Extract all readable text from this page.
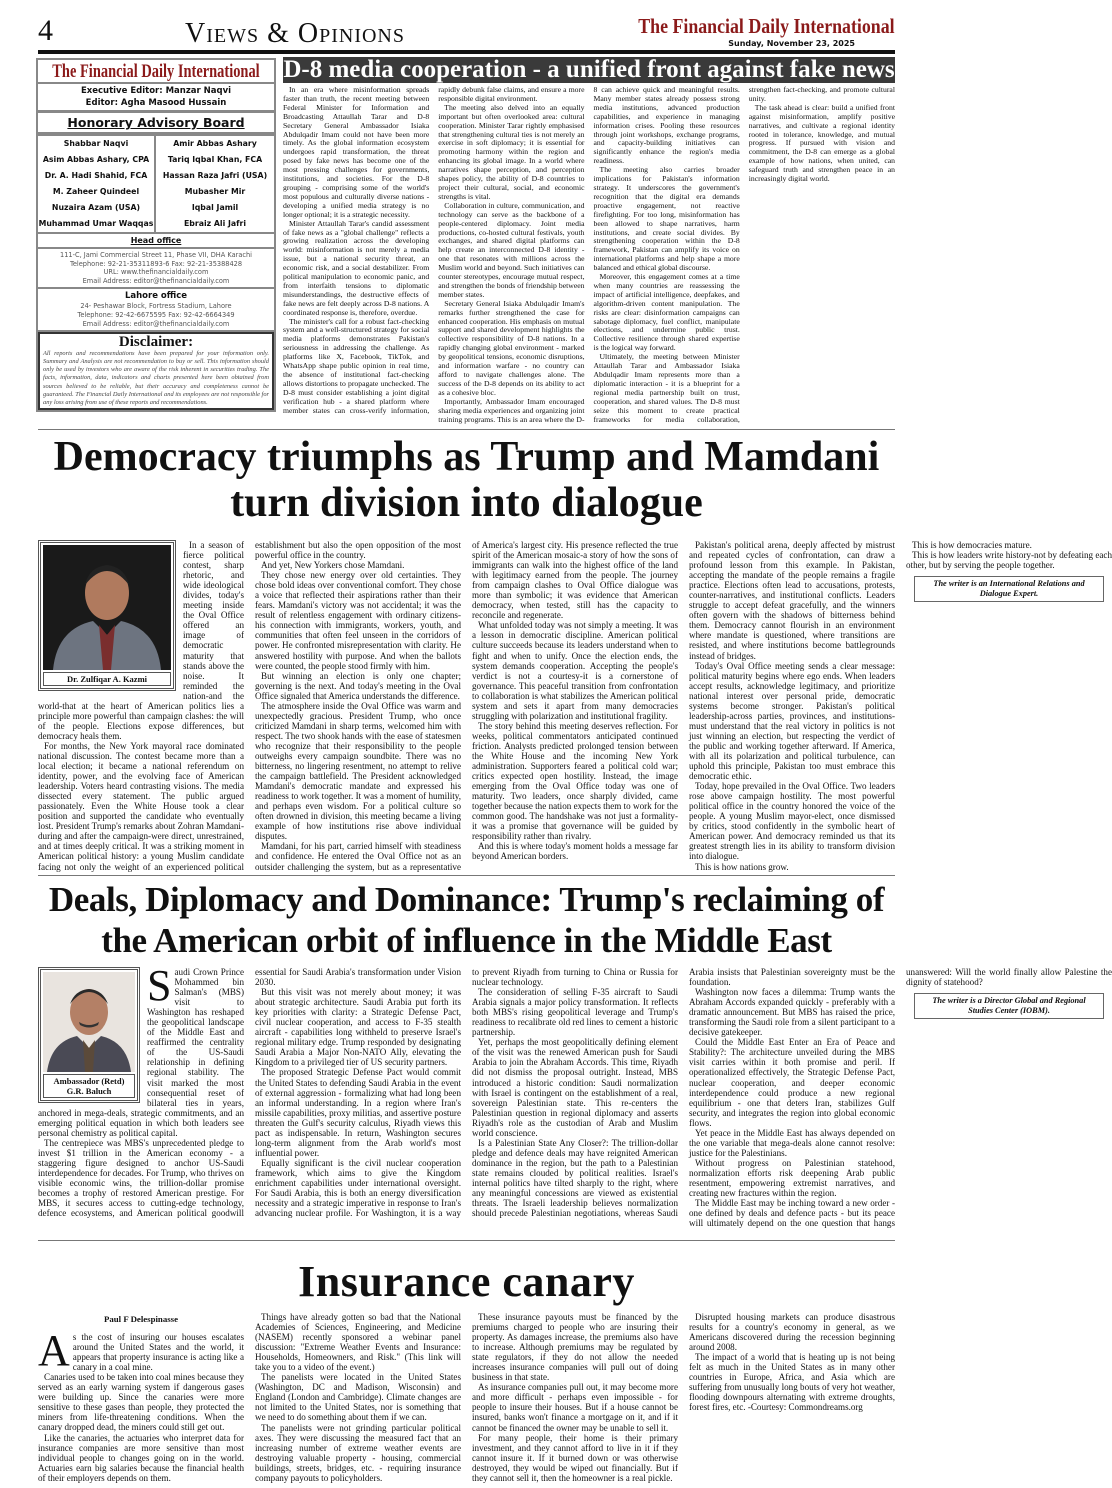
4	Views & Opinions	The Financial Daily International
Sunday, November 23, 2025
The Financial Daily International
Executive Editor: Manzar Naqvi
Editor: Agha Masood Hussain
Honorary Advisory Board
Shabbar Naqvi
Asim Abbas Ashary, CPA
Dr. A. Hadi Shahid, FCA
M. Zaheer Quindeel
Nuzaira Azam (USA)
Muhammad Umar Waqqas
Amir Abbas Ashary
Tariq Iqbal Khan, FCA
Hassan Raza Jafri (USA)
Mubasher Mir
Iqbal Jamil
Ebraiz Ali Jafri
Head office
111-C, Jami Commercial Street 11, Phase VII, DHA Karachi
Telephone: 92-21-35311893-6 Fax: 92-21-35388428
URL: www.thefinancialdaily.com
Email Address: editor@thefinancialdaily.com
Lahore office
24- Peshawar Block, Fortress Stadium, Lahore
Telephone: 92-42-6675595 Fax: 92-42-6664349
Email Address: editor@thefinancialdaily.com
Disclaimer:

All reports and recommendations have been prepared for your information only. Summary and Analysis are not recommendation to buy or sell. This information should only be used by investors who are aware of the risk inherent in securities trading. The facts, information, data, indicators and charts presented here been obtained from sources believed to be reliable, but their accuracy and completeness cannot be guaranteed. The Financial Daily International and its employees are not responsible for any loss arising from use of these reports and recommendations.

D-8 media cooperation - a unified front against fake news

In an era where misinformation spreads faster than truth, the recent meeting between Federal Minister for Information and Broadcasting Attaullah Tarar and D-8 Secretary General Ambassador Isiaka Abdulqadir Imam could not have been more timely. As the global information ecosystem undergoes rapid transformation, the threat posed by fake news has become one of the most pressing challenges for governments, institutions, and societies. For the D-8 grouping - comprising some of the world's most populous and culturally diverse nations - developing a unified media strategy is no longer optional; it is a strategic necessity.

Minister Attaullah Tarar's candid assessment of fake news as a "global challenge" reflects a growing realization across the developing world: misinformation is not merely a media issue, but a national security threat, an economic risk, and a social destabilizer. From political manipulation to economic panic, and from interfaith tensions to diplomatic misunderstandings, the destructive effects of fake news are felt deeply across D-8 nations. A coordinated response is, therefore, overdue.

The minister's call for a robust fact-checking system and a well-structured strategy for social media platforms demonstrates Pakistan's seriousness in addressing the challenge. As platforms like X, Facebook, TikTok, and WhatsApp shape public opinion in real time, the absence of institutional fact-checking allows distortions to propagate unchecked. The D-8 must consider establishing a joint digital verification hub - a shared platform where member states can cross-verify information, rapidly debunk false claims, and ensure a more responsible digital environment.

The meeting also delved into an equally important but often overlooked area: cultural cooperation. Minister Tarar rightly emphasised that strengthening cultural ties is not merely an exercise in soft diplomacy; it is essential for promoting harmony within the region and enhancing its global image. In a world where narratives shape perception, and perception shapes policy, the ability of D-8 countries to project their cultural, social, and economic strengths is vital.

Collaboration in culture, communication, and technology can serve as the backbone of a people-centered diplomacy. Joint media productions, co-hosted cultural festivals, youth exchanges, and shared digital platforms can help create an interconnected D-8 identity - one that resonates with millions across the Muslim world and beyond. Such initiatives can counter stereotypes, encourage mutual respect, and strengthen the bonds of friendship between member states.

Secretary General Isiaka Abdulqadir Imam's remarks further strengthened the case for enhanced cooperation. His emphasis on mutual support and shared development highlights the collective responsibility of D-8 nations. In a rapidly changing global environment - marked by geopolitical tensions, economic disruptions, and information warfare - no country can afford to navigate challenges alone. The success of the D-8 depends on its ability to act as a cohesive bloc.

Importantly, Ambassador Imam encouraged sharing media experiences and organizing joint training programs. This is an area where the D-8 can achieve quick and meaningful results. Many member states already possess strong media institutions, advanced production capabilities, and experience in managing information crises. Pooling these resources through joint workshops, exchange programs, and capacity-building initiatives can significantly enhance the region's media readiness.

The meeting also carries broader implications for Pakistan's information strategy. It underscores the government's recognition that the digital era demands proactive engagement, not reactive firefighting. For too long, misinformation has been allowed to shape narratives, harm institutions, and create social divides. By strengthening cooperation within the D-8 framework, Pakistan can amplify its voice on international platforms and help shape a more balanced and ethical global discourse.

Moreover, this engagement comes at a time when many countries are reassessing the impact of artificial intelligence, deepfakes, and algorithm-driven content manipulation. The risks are clear: disinformation campaigns can sabotage diplomacy, fuel conflict, manipulate elections, and undermine public trust. Collective resilience through shared expertise is the logical way forward.

Ultimately, the meeting between Minister Attaullah Tarar and Ambassador Isiaka Abdulqadir Imam represents more than a diplomatic interaction - it is a blueprint for a regional media partnership built on trust, cooperation, and shared values. The D-8 must seize this moment to create practical frameworks for media collaboration, strengthen fact-checking, and promote cultural unity.

The task ahead is clear: build a unified front against misinformation, amplify positive narratives, and cultivate a regional identity rooted in tolerance, knowledge, and mutual progress. If pursued with vision and commitment, the D-8 can emerge as a global example of how nations, when united, can safeguard truth and strengthen peace in an increasingly digital world.

Democracy triumphs as Trump and Mamdani turn division into dialogue
Dr. Zulfiqar A. Kazmi

In a season of fierce political contest, sharp rhetoric, and wide ideological divides, today's meeting inside the Oval Office offered an image of democratic maturity that stands above the noise. It reminded the nation-and the world-that at the heart of American politics lies a principle more powerful than campaign clashes: the will of the people. Elections expose differences, but democracy heals them.

For months, the New York mayoral race dominated national discussion. The contest became more than a local election; it became a national referendum on identity, power, and the evolving face of American leadership. Voters heard contrasting visions. The media dissected every statement. The public argued passionately. Even the White House took a clear position and supported the candidate who eventually lost. President Trump's remarks about Zohran Mamdani-during and after the campaign-were direct, unrestrained, and at times deeply critical. It was a striking moment in American political history: a young Muslim candidate facing not only the weight of an experienced political establishment but also the open opposition of the most powerful office in the country.

And yet, New Yorkers chose Mamdani.

They chose new energy over old certainties. They chose bold ideas over conventional comfort. They chose a voice that reflected their aspirations rather than their fears. Mamdani's victory was not accidental; it was the result of relentless engagement with ordinary citizens-his connection with immigrants, workers, youth, and communities that often feel unseen in the corridors of power. He confronted misrepresentation with clarity. He answered hostility with purpose. And when the ballots were counted, the people stood firmly with him.

But winning an election is only one chapter; governing is the next. And today's meeting in the Oval Office signaled that America understands the difference.

The atmosphere inside the Oval Office was warm and unexpectedly gracious. President Trump, who once criticized Mamdani in sharp terms, welcomed him with respect. The two shook hands with the ease of statesmen who recognize that their responsibility to the people outweighs every campaign soundbite. There was no bitterness, no lingering resentment, no attempt to relive the campaign battlefield. The President acknowledged Mamdani's democratic mandate and expressed his readiness to work together. It was a moment of humility, and perhaps even wisdom. For a political culture so often drowned in division, this meeting became a living example of how institutions rise above individual disputes.

Mamdani, for his part, carried himself with steadiness and confidence. He entered the Oval Office not as an outsider challenging the system, but as a representative of America's largest city. His presence reflected the true spirit of the American mosaic-a story of how the sons of immigrants can walk into the highest office of the land with legitimacy earned from the people. The journey from campaign clashes to Oval Office dialogue was more than symbolic; it was evidence that American democracy, when tested, still has the capacity to reconcile and regenerate.

What unfolded today was not simply a meeting. It was a lesson in democratic discipline. American political culture succeeds because its leaders understand when to fight and when to unify. Once the election ends, the system demands cooperation. Accepting the people's verdict is not a courtesy-it is a cornerstone of governance. This peaceful transition from confrontation to collaboration is what stabilizes the American political system and sets it apart from many democracies struggling with polarization and institutional fragility.

The story behind this meeting deserves reflection. For weeks, political commentators anticipated continued friction. Analysts predicted prolonged tension between the White House and the incoming New York administration. Supporters feared a political cold war; critics expected open hostility. Instead, the image emerging from the Oval Office today was one of maturity. Two leaders, once sharply divided, came together because the nation expects them to work for the common good. The handshake was not just a formality-it was a promise that governance will be guided by responsibility rather than rivalry.

And this is where today's moment holds a message far beyond American borders.

Pakistan's political arena, deeply affected by mistrust and repeated cycles of confrontation, can draw a profound lesson from this example. In Pakistan, accepting the mandate of the people remains a fragile practice. Elections often lead to accusations, protests, counter-narratives, and institutional conflicts. Leaders struggle to accept defeat gracefully, and the winners often govern with the shadows of bitterness behind them. Democracy cannot flourish in an environment where mandate is questioned, where transitions are resisted, and where institutions become battlegrounds instead of bridges.

Today's Oval Office meeting sends a clear message: political maturity begins where ego ends. When leaders accept results, acknowledge legitimacy, and prioritize national interest over personal pride, democratic systems become stronger. Pakistan's political leadership-across parties, provinces, and institutions-must understand that the real victory in politics is not just winning an election, but respecting the verdict of the public and working together afterward. If America, with all its polarization and political turbulence, can uphold this principle, Pakistan too must embrace this democratic ethic.

Today, hope prevailed in the Oval Office. Two leaders rose above campaign hostility. The most powerful political office in the country honored the voice of the people. A young Muslim mayor-elect, once dismissed by critics, stood confidently in the symbolic heart of American power. And democracy reminded us that its greatest strength lies in its ability to transform division into dialogue.

This is how nations grow.

This is how democracies mature.

This is how leaders write history-not by defeating each other, but by serving the people together.

The writer is an International Relations and Dialogue Expert.

Deals, Diplomacy and Dominance: Trump's reclaiming of the American orbit of influence in the Middle East
Ambassador (Retd)
G.R. Baluch

Saudi Crown Prince Mohammed bin Salman's (MBS) visit to Washington has reshaped the geopolitical landscape of the Middle East and reaffirmed the centrality of the US-Saudi relationship in defining regional stability. The visit marked the most consequential reset of bilateral ties in years, anchored in mega-deals, strategic commitments, and an emerging political equation in which both leaders see personal chemistry as political capital.

The centrepiece was MBS's unprecedented pledge to invest $1 trillion in the American economy - a staggering figure designed to anchor US-Saudi interdependence for decades. For Trump, who thrives on visible economic wins, the trillion-dollar promise becomes a trophy of restored American prestige. For MBS, it secures access to cutting-edge technology, defence ecosystems, and American political goodwill essential for Saudi Arabia's transformation under Vision 2030.

But this visit was not merely about money; it was about strategic architecture. Saudi Arabia put forth its key priorities with clarity: a Strategic Defense Pact, civil nuclear cooperation, and access to F-35 stealth aircraft - capabilities long withheld to preserve Israel's regional military edge. Trump responded by designating Saudi Arabia a Major Non-NATO Ally, elevating the Kingdom to a privileged tier of US security partners.

The proposed Strategic Defense Pact would commit the United States to defending Saudi Arabia in the event of external aggression - formalizing what had long been an informal understanding. In a region where Iran's missile capabilities, proxy militias, and assertive posture threaten the Gulf's security calculus, Riyadh views this pact as indispensable. In return, Washington secures long-term alignment from the Arab world's most influential power.

Equally significant is the civil nuclear cooperation framework, which aims to give the Kingdom enrichment capabilities under international oversight. For Saudi Arabia, this is both an energy diversification necessity and a strategic imperative in response to Iran's advancing nuclear profile. For Washington, it is a way to prevent Riyadh from turning to China or Russia for nuclear technology.

The consideration of selling F-35 aircraft to Saudi Arabia signals a major policy transformation. It reflects both MBS's rising geopolitical leverage and Trump's readiness to recalibrate old red lines to cement a historic partnership.

Yet, perhaps the most geopolitically defining element of the visit was the renewed American push for Saudi Arabia to join the Abraham Accords. This time, Riyadh did not dismiss the proposal outright. Instead, MBS introduced a historic condition: Saudi normalization with Israel is contingent on the establishment of a real, sovereign Palestinian state. This re-centers the Palestinian question in regional diplomacy and asserts Riyadh's role as the custodian of Arab and Muslim world conscience.

Is a Palestinian State Any Closer?: The trillion-dollar pledge and defence deals may have reignited American dominance in the region, but the path to a Palestinian state remains clouded by political realities. Israel's internal politics have tilted sharply to the right, where any meaningful concessions are viewed as existential threats. The Israeli leadership believes normalization should precede Palestinian negotiations, whereas Saudi Arabia insists that Palestinian sovereignty must be the foundation.

Washington now faces a dilemma: Trump wants the Abraham Accords expanded quickly - preferably with a dramatic announcement. But MBS has raised the price, transforming the Saudi role from a silent participant to a decisive gatekeeper.

Could the Middle East Enter an Era of Peace and Stability?: The architecture unveiled during the MBS visit carries within it both promise and peril. If operationalized effectively, the Strategic Defense Pact, nuclear cooperation, and deeper economic interdependence could produce a new regional equilibrium - one that deters Iran, stabilizes Gulf security, and integrates the region into global economic flows.

Yet peace in the Middle East has always depended on the one variable that mega-deals alone cannot resolve: justice for the Palestinians.

Without progress on Palestinian statehood, normalization efforts risk deepening Arab public resentment, empowering extremist narratives, and creating new fractures within the region.

The Middle East may be inching toward a new order - one defined by deals and defence pacts - but its peace will ultimately depend on the one question that hangs unanswered: Will the world finally allow Palestine the dignity of statehood?

The writer is a Director Global and Regional Studies Center (IOBM).

Insurance canary

Paul F Delespinasse

As the cost of insuring our houses escalates around the United States and the world, it appears that property insurance is acting like a canary in a coal mine.

Canaries used to be taken into coal mines because they served as an early warning system if dangerous gases were building up. Since the canaries were more sensitive to these gases than people, they protected the miners from life-threatening conditions. When the canary dropped dead, the miners could still get out.

Like the canaries, the actuaries who interpret data for insurance companies are more sensitive than most individual people to changes going on in the world. Actuaries earn big salaries because the financial health of their employers depends on them.

Things have already gotten so bad that the National Academies of Sciences, Engineering, and Medicine (NASEM) recently sponsored a webinar panel discussion: "Extreme Weather Events and Insurance: Households, Homeowners, and Risk." (This link will take you to a video of the event.)

The panelists were located in the United States (Washington, DC and Madison, Wisconsin) and England (London and Cambridge). Climate changes are not limited to the United States, nor is something that we need to do something about them if we can.

The panelists were not grinding particular political axes. They were discussing the measured fact that an increasing number of extreme weather events are destroying valuable property - housing, commercial buildings, streets, bridges, etc. - requiring insurance company payouts to policyholders.

These insurance payouts must be financed by the premiums charged to people who are insuring their property. As damages increase, the premiums also have to increase. Although premiums may be regulated by state regulators, if they do not allow the needed increases insurance companies will pull out of doing business in that state.

As insurance companies pull out, it may become more and more difficult - perhaps even impossible - for people to insure their houses. But if a house cannot be insured, banks won't finance a mortgage on it, and if it cannot be financed the owner may be unable to sell it.

For many people, their home is their primary investment, and they cannot afford to live in it if they cannot insure it. If it burned down or was otherwise destroyed, they would be wiped out financially. But if they cannot sell it, then the homeowner is a real pickle.

Disrupted housing markets can produce disastrous results for a country's economy in general, as we Americans discovered during the recession beginning around 2008.

The impact of a world that is heating up is not being felt as much in the United States as in many other countries in Europe, Africa, and Asia which are suffering from unusually long bouts of very hot weather, flooding downpours alternating with extreme droughts, forest fires, etc. -Courtesy: Commondreams.org
